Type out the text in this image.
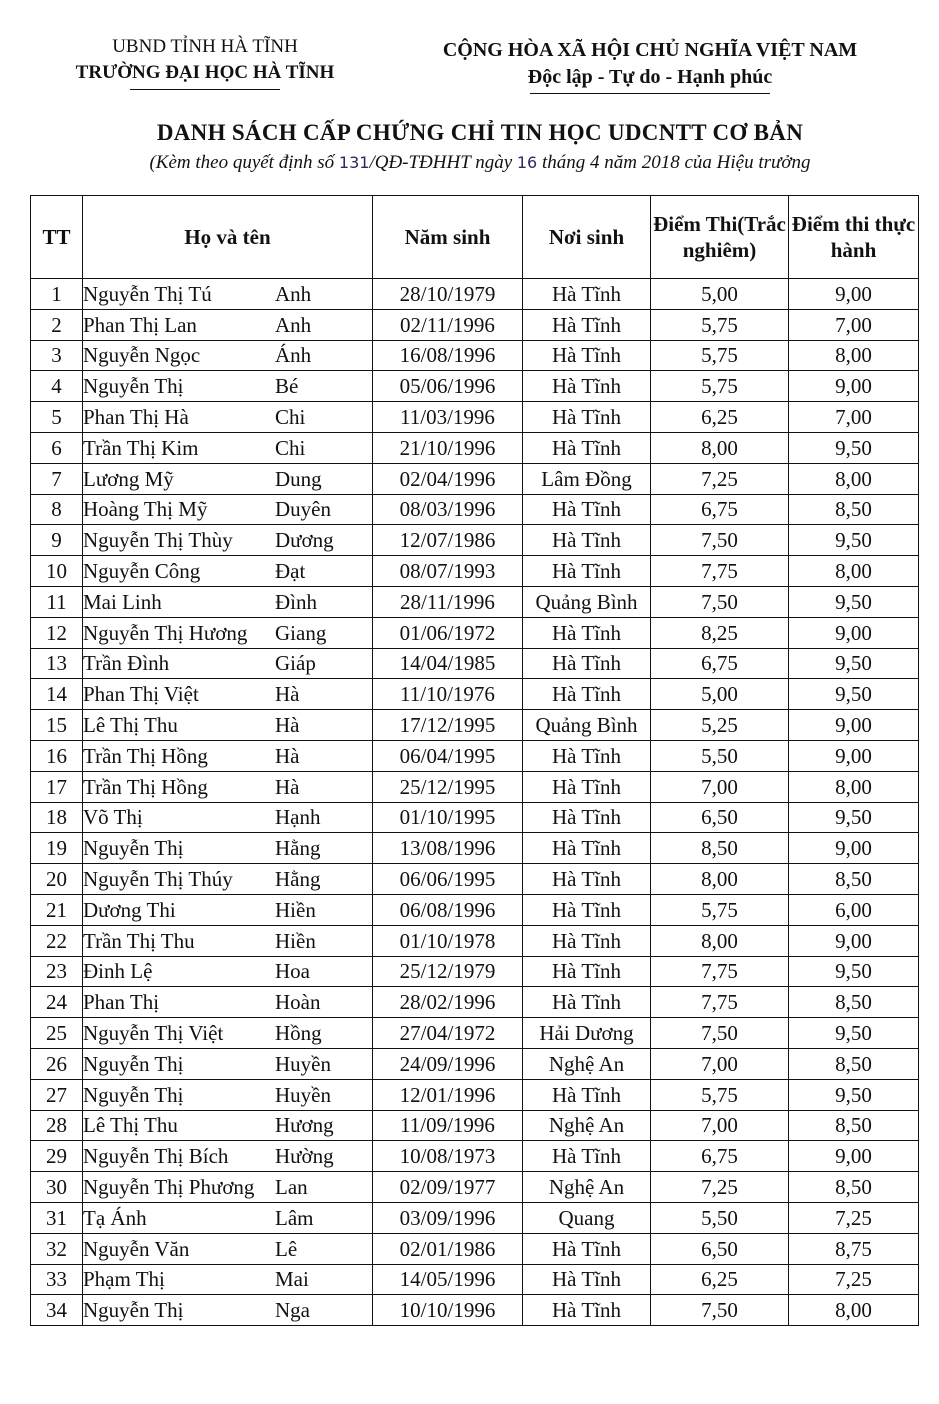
UBND TỈNH HÀ TĨNH
TRƯỜNG ĐẠI HỌC HÀ TĨNH
CỘNG HÒA XÃ HỘI CHỦ NGHĨA VIỆT NAM
Độc lập - Tự do - Hạnh phúc
DANH SÁCH CẤP CHỨNG CHỈ TIN HỌC UDCNTT CƠ BẢN
(Kèm theo quyết định số 131/QĐ-TĐHHT ngày 16 tháng 4 năm 2018 của Hiệu trưởng
TT	Họ và tên	Năm sinh	Nơi sinh	Điểm Thi(Trắc nghiêm)	Điểm thi thực hành
1	Nguyễn Thị Tú Anh	28/10/1979	Hà Tĩnh	5,00	9,00
2	Phan Thị Lan Anh	02/11/1996	Hà Tĩnh	5,75	7,00
3	Nguyễn Ngọc Ánh	16/08/1996	Hà Tĩnh	5,75	8,00
4	Nguyễn Thị Bé	05/06/1996	Hà Tĩnh	5,75	9,00
5	Phan Thị Hà Chi	11/03/1996	Hà Tĩnh	6,25	7,00
6	Trần Thị Kim Chi	21/10/1996	Hà Tĩnh	8,00	9,50
7	Lương Mỹ Dung	02/04/1996	Lâm Đồng	7,25	8,00
8	Hoàng Thị Mỹ Duyên	08/03/1996	Hà Tĩnh	6,75	8,50
9	Nguyễn Thị Thùy Dương	12/07/1986	Hà Tĩnh	7,50	9,50
10	Nguyễn Công Đạt	08/07/1993	Hà Tĩnh	7,75	8,00
11	Mai Linh Đình	28/11/1996	Quảng Bình	7,50	9,50
12	Nguyễn Thị Hương Giang	01/06/1972	Hà Tĩnh	8,25	9,00
13	Trần Đình Giáp	14/04/1985	Hà Tĩnh	6,75	9,50
14	Phan Thị Việt Hà	11/10/1976	Hà Tĩnh	5,00	9,50
15	Lê Thị Thu Hà	17/12/1995	Quảng Bình	5,25	9,00
16	Trần Thị Hồng Hà	06/04/1995	Hà Tĩnh	5,50	9,00
17	Trần Thị Hồng Hà	25/12/1995	Hà Tĩnh	7,00	8,00
18	Võ Thị Hạnh	01/10/1995	Hà Tĩnh	6,50	9,50
19	Nguyễn Thị Hằng	13/08/1996	Hà Tĩnh	8,50	9,00
20	Nguyễn Thị Thúy Hằng	06/06/1995	Hà Tĩnh	8,00	8,50
21	Dương Thi Hiền	06/08/1996	Hà Tĩnh	5,75	6,00
22	Trần Thị Thu Hiền	01/10/1978	Hà Tĩnh	8,00	9,00
23	Đinh Lệ Hoa	25/12/1979	Hà Tĩnh	7,75	9,50
24	Phan Thị Hoàn	28/02/1996	Hà Tĩnh	7,75	8,50
25	Nguyễn Thị Việt Hồng	27/04/1972	Hải Dương	7,50	9,50
26	Nguyễn Thị Huyền	24/09/1996	Nghệ An	7,00	8,50
27	Nguyễn Thị Huyền	12/01/1996	Hà Tĩnh	5,75	9,50
28	Lê Thị Thu Hương	11/09/1996	Nghệ An	7,00	8,50
29	Nguyễn Thị Bích Hường	10/08/1973	Hà Tĩnh	6,75	9,00
30	Nguyễn Thị Phương Lan	02/09/1977	Nghệ An	7,25	8,50
31	Tạ Ánh Lâm	03/09/1996	Quang	5,50	7,25
32	Nguyễn Văn Lê	02/01/1986	Hà Tĩnh	6,50	8,75
33	Phạm Thị Mai	14/05/1996	Hà Tĩnh	6,25	7,25
34	Nguyễn Thị Nga	10/10/1996	Hà Tĩnh	7,50	8,00
